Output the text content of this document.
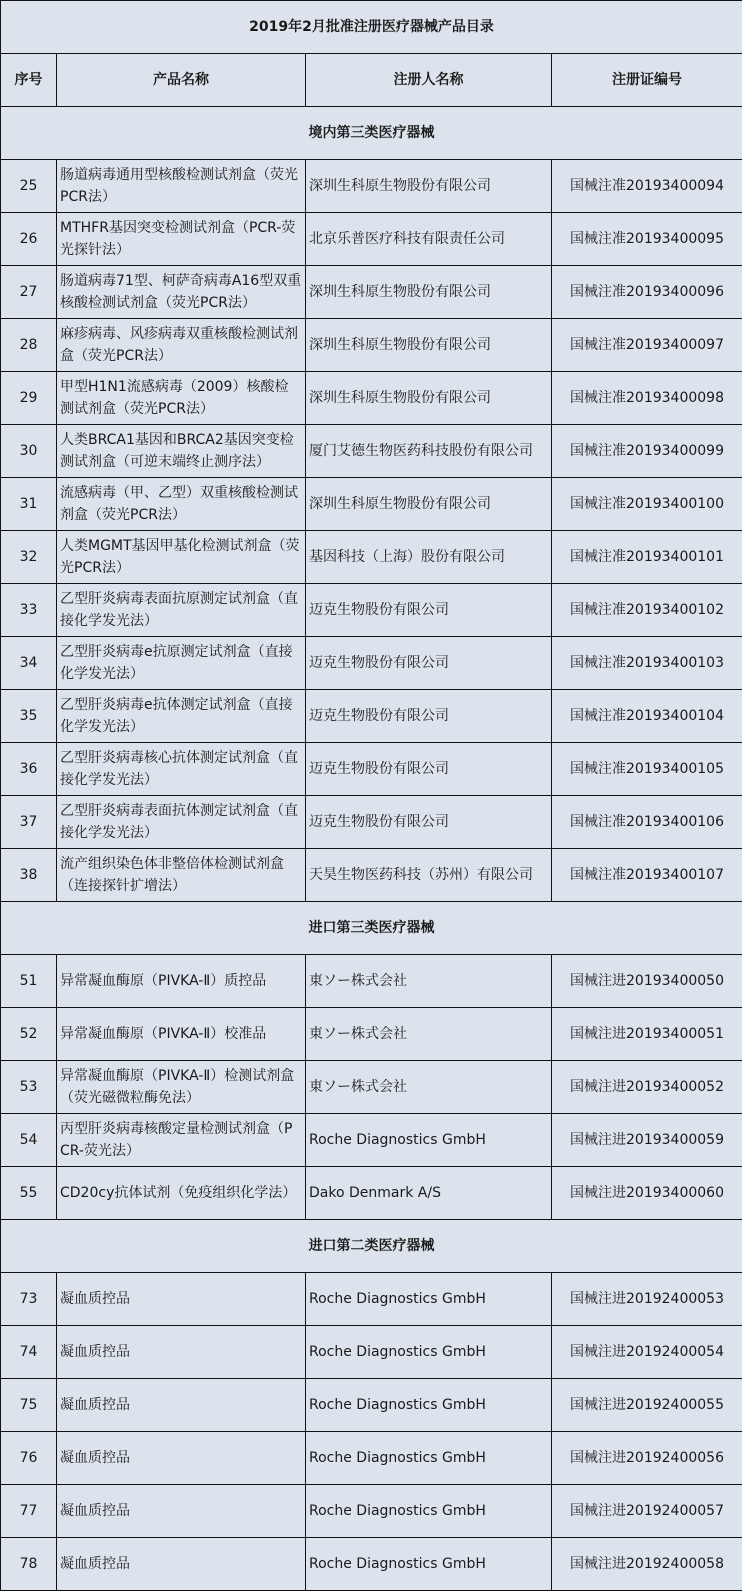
2019年2月批准注册医疗器械产品目录			
序号	产品名称	注册人名称	注册证编号
境内第三类医疗器械			
25	肠道病毒通用型核酸检测试剂盒（荧光PCR法）	深圳生科原生物股份有限公司	国械注准20193400094
26	MTHFR基因突变检测试剂盒（PCR-荧光探针法）	北京乐普医疗科技有限责任公司	国械注准20193400095
27	肠道病毒71型、柯萨奇病毒A16型双重核酸检测试剂盒（荧光PCR法）	深圳生科原生物股份有限公司	国械注准20193400096
28	麻疹病毒、风疹病毒双重核酸检测试剂盒（荧光PCR法）	深圳生科原生物股份有限公司	国械注准20193400097
29	甲型H1N1流感病毒（2009）核酸检测试剂盒（荧光PCR法）	深圳生科原生物股份有限公司	国械注准20193400098
30	人类BRCA1基因和BRCA2基因突变检测试剂盒（可逆末端终止测序法）	厦门艾德生物医药科技股份有限公司	国械注准20193400099
31	流感病毒（甲、乙型）双重核酸检测试剂盒（荧光PCR法）	深圳生科原生物股份有限公司	国械注准20193400100
32	人类MGMT基因甲基化检测试剂盒（荧光PCR法）	基因科技（上海）股份有限公司	国械注准20193400101
33	乙型肝炎病毒表面抗原测定试剂盒（直接化学发光法）	迈克生物股份有限公司	国械注准20193400102
34	乙型肝炎病毒e抗原测定试剂盒（直接化学发光法）	迈克生物股份有限公司	国械注准20193400103
35	乙型肝炎病毒e抗体测定试剂盒（直接化学发光法）	迈克生物股份有限公司	国械注准20193400104
36	乙型肝炎病毒核心抗体测定试剂盒（直接化学发光法）	迈克生物股份有限公司	国械注准20193400105
37	乙型肝炎病毒表面抗体测定试剂盒（直接化学发光法）	迈克生物股份有限公司	国械注准20193400106
38	流产组织染色体非整倍体检测试剂盒（连接探针扩增法）	天昊生物医药科技（苏州）有限公司	国械注准20193400107
进口第三类医疗器械			
51	异常凝血酶原（PIVKA-Ⅱ）质控品	東ソー株式会社	国械注进20193400050
52	异常凝血酶原（PIVKA-Ⅱ）校准品	東ソー株式会社	国械注进20193400051
53	异常凝血酶原（PIVKA-Ⅱ）检测试剂盒（荧光磁微粒酶免法）	東ソー株式会社	国械注进20193400052
54	丙型肝炎病毒核酸定量检测试剂盒（PCR-荧光法）	Roche Diagnostics GmbH	国械注进20193400059
55	CD20cy抗体试剂（免疫组织化学法）	Dako Denmark A/S	国械注进20193400060
进口第二类医疗器械			
73	凝血质控品	Roche Diagnostics GmbH	国械注进20192400053
74	凝血质控品	Roche Diagnostics GmbH	国械注进20192400054
75	凝血质控品	Roche Diagnostics GmbH	国械注进20192400055
76	凝血质控品	Roche Diagnostics GmbH	国械注进20192400056
77	凝血质控品	Roche Diagnostics GmbH	国械注进20192400057
78	凝血质控品	Roche Diagnostics GmbH	国械注进20192400058
